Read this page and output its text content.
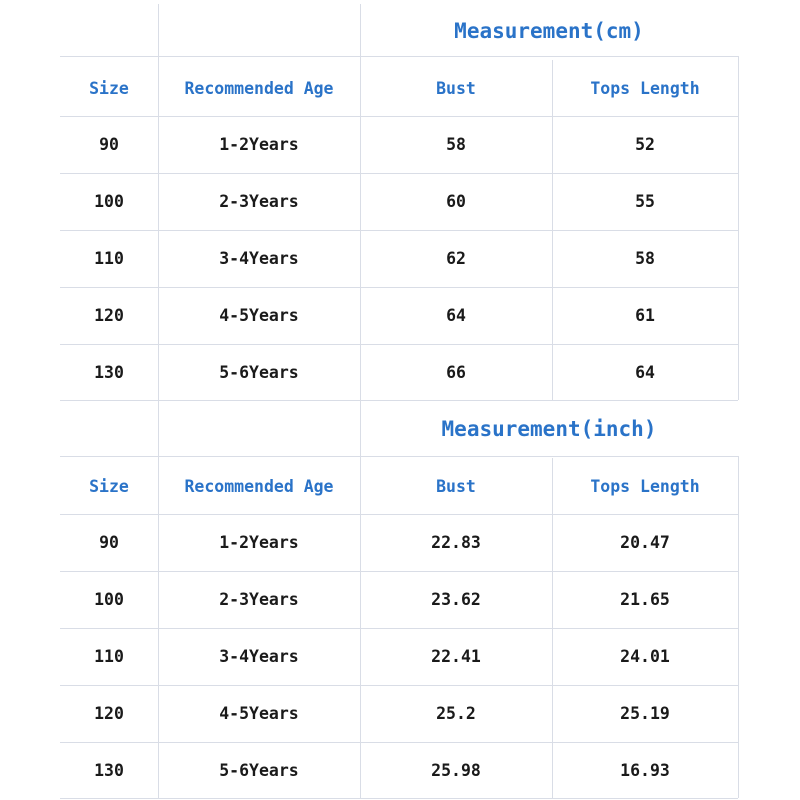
Measurement(cm)
Size	Recommended Age	Bust	Tops Length
90	1-2Years	58	52
100	2-3Years	60	55
110	3-4Years	62	58
120	4-5Years	64	61
130	5-6Years	66	64
Measurement(inch)
Size	Recommended Age	Bust	Tops Length
90	1-2Years	22.83	20.47
100	2-3Years	23.62	21.65
110	3-4Years	22.41	24.01
120	4-5Years	25.2	25.19
130	5-6Years	25.98	16.93
